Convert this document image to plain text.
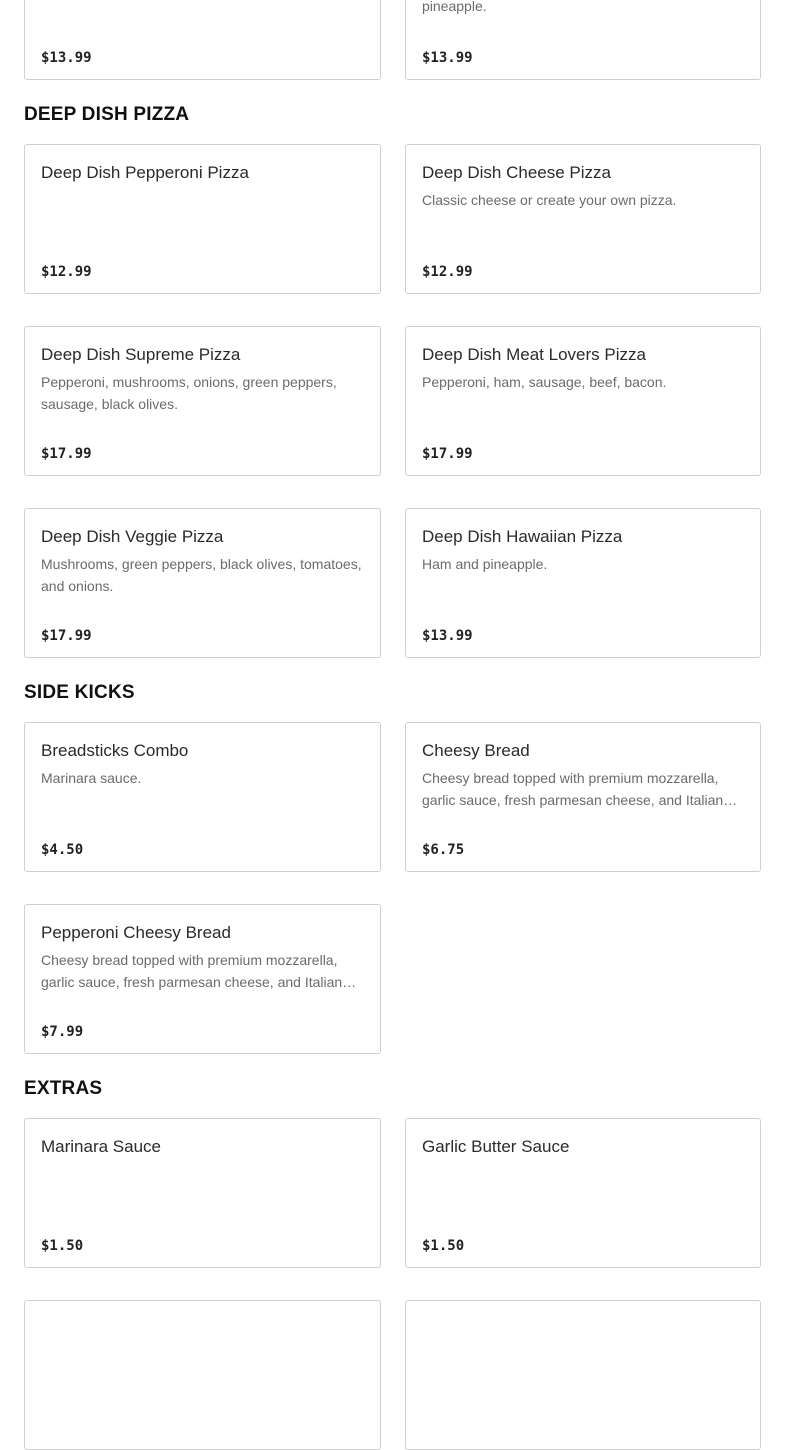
$13.99
pineapple.
$13.99
DEEP DISH PIZZA
Deep Dish Pepperoni Pizza
$12.99
Deep Dish Cheese Pizza
Classic cheese or create your own pizza.
$12.99
Deep Dish Supreme Pizza
Pepperoni, mushrooms, onions, green peppers, sausage, black olives.
$17.99
Deep Dish Meat Lovers Pizza
Pepperoni, ham, sausage, beef, bacon.
$17.99
Deep Dish Veggie Pizza
Mushrooms, green peppers, black olives, tomatoes, and onions.
$17.99
Deep Dish Hawaiian Pizza
Ham and pineapple.
$13.99
SIDE KICKS
Breadsticks Combo
Marinara sauce.
$4.50
Cheesy Bread
Cheesy bread topped with premium mozzarella, garlic sauce, fresh parmesan cheese, and Italian…
$6.75
Pepperoni Cheesy Bread
Cheesy bread topped with premium mozzarella, garlic sauce, fresh parmesan cheese, and Italian…
$7.99
EXTRAS
Marinara Sauce
$1.50
Garlic Butter Sauce
$1.50
